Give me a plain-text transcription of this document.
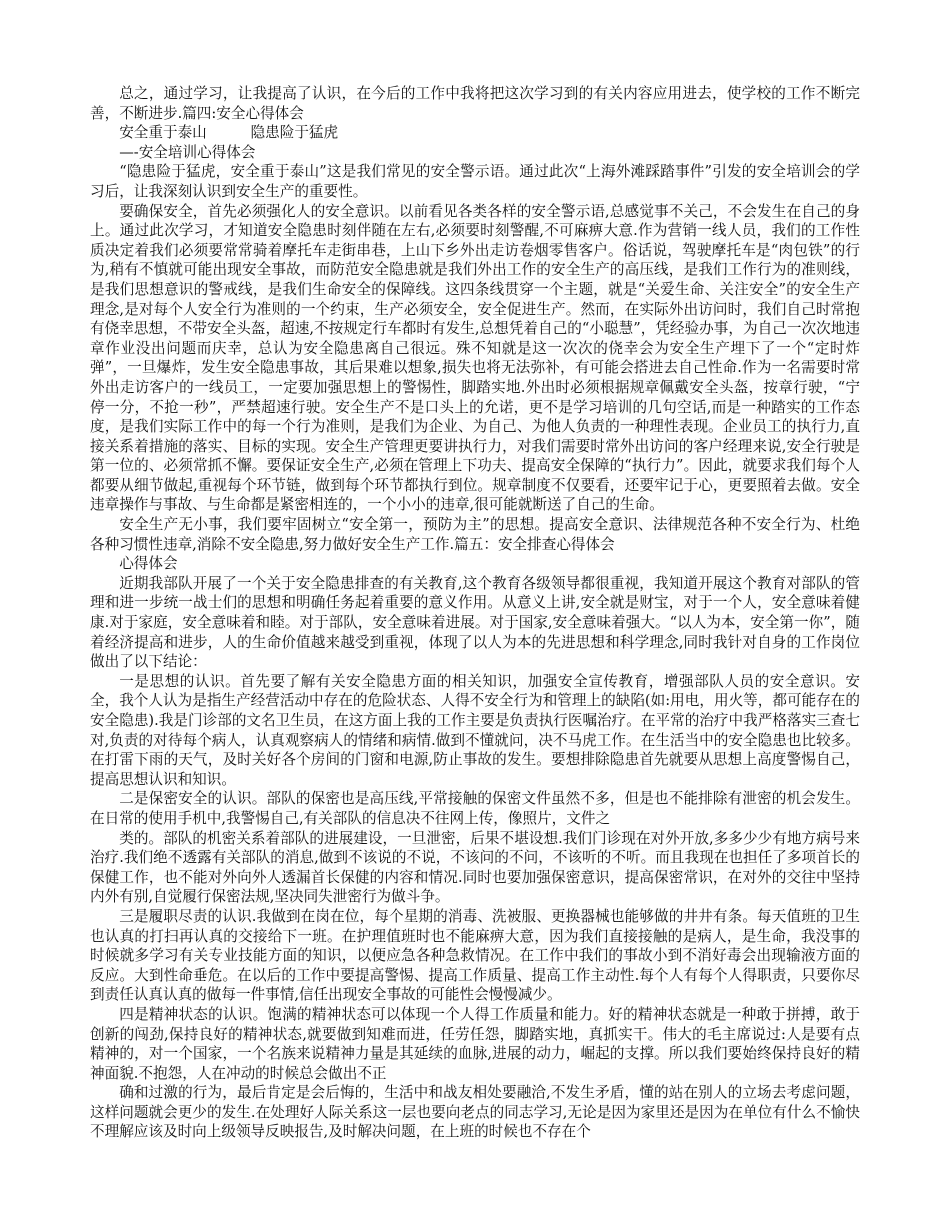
总之，通过学习，让我提高了认识，在今后的工作中我将把这次学习到的有关内容应用进去，使学校的工作不断完善，不断进步.篇四:安全心得体会

安全重于泰山　　　隐患险于猛虎

—-安全培训心得体会

“隐患险于猛虎，安全重于泰山”这是我们常见的安全警示语。通过此次“上海外滩踩踏事件”引发的安全培训会的学习后，让我深刻认识到安全生产的重要性。

要确保安全，首先必须强化人的安全意识。以前看见各类各样的安全警示语,总感觉事不关己，不会发生在自己的身上。通过此次学习，才知道安全隐患时刻伴随在左右,必须要时刻警醒,不可麻痹大意.作为营销一线人员，我们的工作性质决定着我们必须要常常骑着摩托车走街串巷，上山下乡外出走访卷烟零售客户。俗话说，驾驶摩托车是“肉包铁”的行为,稍有不慎就可能出现安全事故，而防范安全隐患就是我们外出工作的安全生产的高压线，是我们工作行为的准则线，是我们思想意识的警戒线，是我们生命安全的保障线。这四条线贯穿一个主题，就是“关爱生命、关注安全”的安全生产理念,是对每个人安全行为准则的一个约束，生产必须安全，安全促进生产。然而，在实际外出访问时，我们自己时常抱有侥幸思想，不带安全头盔，超速,不按规定行车都时有发生,总想凭着自己的“小聪慧”，凭经验办事，为自己一次次地违章作业没出问题而庆幸，总认为安全隐患离自己很远。殊不知就是这一次次的侥幸会为安全生产埋下了一个“定时炸弹”，一旦爆炸，发生安全隐患事故，其后果难以想象,损失也将无法弥补，有可能会搭进去自己性命.作为一名需要时常外出走访客户的一线员工，一定要加强思想上的警惕性，脚踏实地.外出时必须根据规章佩戴安全头盔，按章行驶，“宁停一分，不抢一秒”，严禁超速行驶。安全生产不是口头上的允诺，更不是学习培训的几句空话,而是一种踏实的工作态度，是我们实际工作中的每一个行为准则，是我们为企业、为自己、为他人负责的一种理性表现。企业员工的执行力,直接关系着措施的落实、目标的实现。安全生产管理更要讲执行力，对我们需要时常外出访问的客户经理来说,安全行驶是第一位的、必须常抓不懈。要保证安全生产,必须在管理上下功夫、提高安全保障的“执行力”。因此，就要求我们每个人都要从细节做起,重视每个环节链，做到每个环节都执行到位。规章制度不仅要看，还要牢记于心，更要照着去做。安全违章操作与事故、与生命都是紧密相连的，一个小小的违章,很可能就断送了自己的生命。

安全生产无小事，我们要牢固树立“安全第一，预防为主”的思想。提高安全意识、法律规范各种不安全行为、杜绝各种习惯性违章,消除不安全隐患,努力做好安全生产工作.篇五：安全排查心得体会

心得体会

近期我部队开展了一个关于安全隐患排查的有关教育,这个教育各级领导都很重视，我知道开展这个教育对部队的管理和进一步统一战士们的思想和明确任务起着重要的意义作用。从意义上讲,安全就是财宝，对于一个人，安全意味着健康.对于家庭，安全意味着和睦。对于部队，安全意味着进展。对于国家,安全意味着强大。“以人为本，安全第一你”，随着经济提高和进步，人的生命价值越来越受到重视，体现了以人为本的先进思想和科学理念,同时我针对自身的工作岗位做出了以下结论：

一是思想的认识。首先要了解有关安全隐患方面的相关知识，加强安全宣传教育，增强部队人员的安全意识。安全，我个人认为是指生产经营活动中存在的危险状态、人得不安全行为和管理上的缺陷(如:用电，用火等，都可能存在的安全隐患).我是门诊部的文名卫生员，在这方面上我的工作主要是负责执行医嘱治疗。在平常的治疗中我严格落实三查七对,负责的对待每个病人，认真观察病人的情绪和病情.做到不懂就问，决不马虎工作。在生活当中的安全隐患也比较多。在打雷下雨的天气，及时关好各个房间的门窗和电源,防止事故的发生。要想排除隐患首先就要从思想上高度警惕自己，提高思想认识和知识。

二是保密安全的认识。部队的保密也是高压线,平常接触的保密文件虽然不多，但是也不能排除有泄密的机会发生。在日常的使用手机中,我警惕自己,有关部队的信息决不往网上传，像照片，文件之

类的。部队的机密关系着部队的进展建设，一旦泄密，后果不堪设想.我们门诊现在对外开放,多多少少有地方病号来治疗.我们绝不透露有关部队的消息,做到不该说的不说，不该问的不问，不该听的不听。而且我现在也担任了多项首长的保健工作，也不能对外向外人透漏首长保健的内容和情况.同时也要加强保密意识，提高保密常识，在对外的交往中坚持内外有别,自觉履行保密法规,坚决同失泄密行为做斗争。

三是履职尽责的认识.我做到在岗在位，每个星期的消毒、洗被服、更换器械也能够做的井井有条。每天值班的卫生也认真的打扫再认真的交接给下一班。在护理值班时也不能麻痹大意，因为我们直接接触的是病人，是生命，我没事的时候就多学习有关专业技能方面的知识，以便应急各种急救情况。在工作中我们的事故小到不消好毒会出现输液方面的反应。大到性命垂危。在以后的工作中要提高警惕、提高工作质量、提高工作主动性.每个人有每个人得职责，只要你尽到责任认真认真的做每一件事情,信任出现安全事故的可能性会慢慢减少。

四是精神状态的认识。饱满的精神状态可以体现一个人得工作质量和能力。好的精神状态就是一种敢于拼搏，敢于创新的闯劲,保持良好的精神状态,就要做到知难而进，任劳任怨，脚踏实地，真抓实干。伟大的毛主席说过:人是要有点精神的，对一个国家，一个名族来说精神力量是其延续的血脉,进展的动力，崛起的支撑。所以我们要始终保持良好的精神面貌.不抱怨，人在冲动的时候总会做出不正

确和过激的行为，最后肯定是会后悔的，生活中和战友相处要融洽,不发生矛盾，懂的站在别人的立场去考虑问题，这样问题就会更少的发生.在处理好人际关系这一层也要向老点的同志学习,无论是因为家里还是因为在单位有什么不愉快不理解应该及时向上级领导反映报告,及时解决问题，在上班的时候也不存在个
